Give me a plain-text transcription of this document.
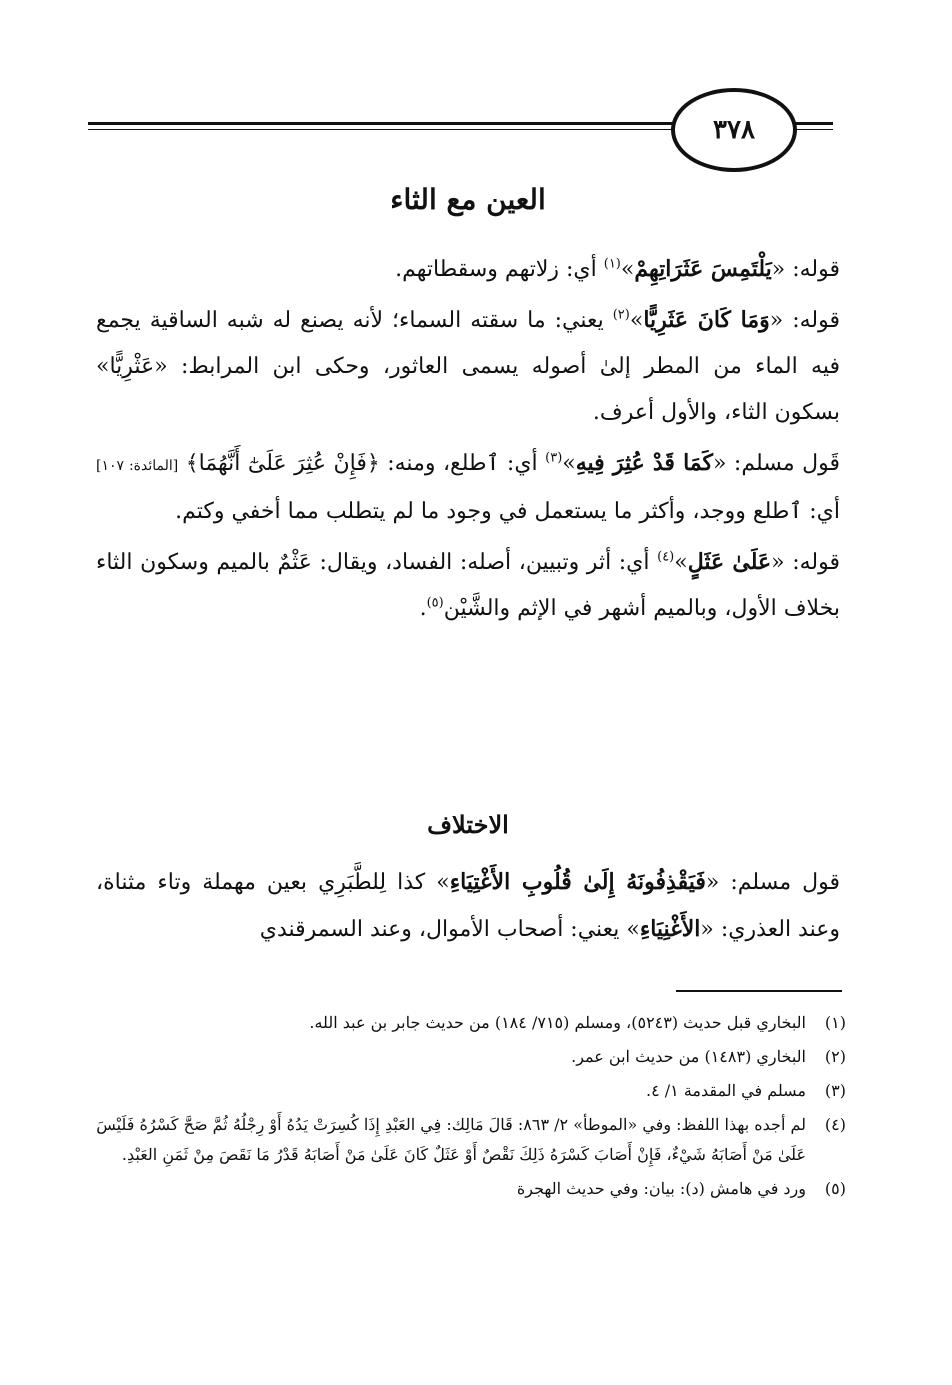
٣٧٨
العين مع الثاء

قوله: «يَلْتَمِسَ عَثَرَاتِهِمْ»$^{(١)}$ أي: زلاتهم وسقطاتهم.

قوله: «وَمَا كَانَ عَثَرِيًّا»$^{(٢)}$ يعني: ما سقته السماء؛ لأنه يصنع له شبه الساقية يجمع فيه الماء من المطر إلىٰ أصوله يسمى العاثور، وحكى ابن المرابط: «عَثْرِيًّا» بسكون الثاء، والأول أعرف.

قَول مسلم: «كَمَا قَدْ عُثِرَ فِيهِ»$^{(٣)}$ أي: ٱطلع، ومنه: ﴿فَإِنْ عُثِرَ عَلَىٰٓ أَنَّهُمَا﴾ [المائدة: ١٠٧] أي: ٱطلع ووجد، وأكثر ما يستعمل في وجود ما لم يتطلب مما أخفي وكتم.

قوله: «عَلَىٰ عَثَلٍ»$^{(٤)}$ أي: أثر وتبيين، أصله: الفساد، ويقال: عَثْمٌ بالميم وسكون الثاء بخلاف الأول، وبالميم أشهر في الإثم والشَّيْن$^{(٥)}$.

الاختلاف

قول مسلم: «فَيَقْذِفُونَهُ إِلَىٰ قُلُوبِ الأَغْتِيَاءِ» كذا لِلطَّبَرِي بعين مهملة وتاء مثناة، وعند العذري: «الأَغْنِيَاءِ» يعني: أصحاب الأموال، وعند السمرقندي

(١)
البخاري قبل حديث (٥٢٤٣)، ومسلم (٧١٥/ ١٨٤) من حديث جابر بن عبد الله.
(٢)
البخاري (١٤٨٣) من حديث ابن عمر.
(٣)
مسلم في المقدمة ١/ ٤.
(٤)
لم أجده بهذا اللفظ: وفي «الموطأ» ٢/ ٨٦٣: قَالَ مَالِك: فِي العَبْدِ إِذَا كُسِرَتْ يَدُهُ أَوْ رِجْلُهُ ثُمَّ صَحَّ كَسْرُهُ فَلَيْسَ عَلَىٰ مَنْ أَصَابَهُ شَيْءٌ، فَإِنْ أَصَابَ كَسْرَهُ ذَلِكَ نَقْصٌ أَوْ عَثَلٌ كَانَ عَلَىٰ مَنْ أَصَابَهُ قَدْرُ مَا نَقَصَ مِنْ ثَمَنِ العَبْدِ.
(٥)
ورد في هامش (د): بيان: وفي حديث الهجرة
